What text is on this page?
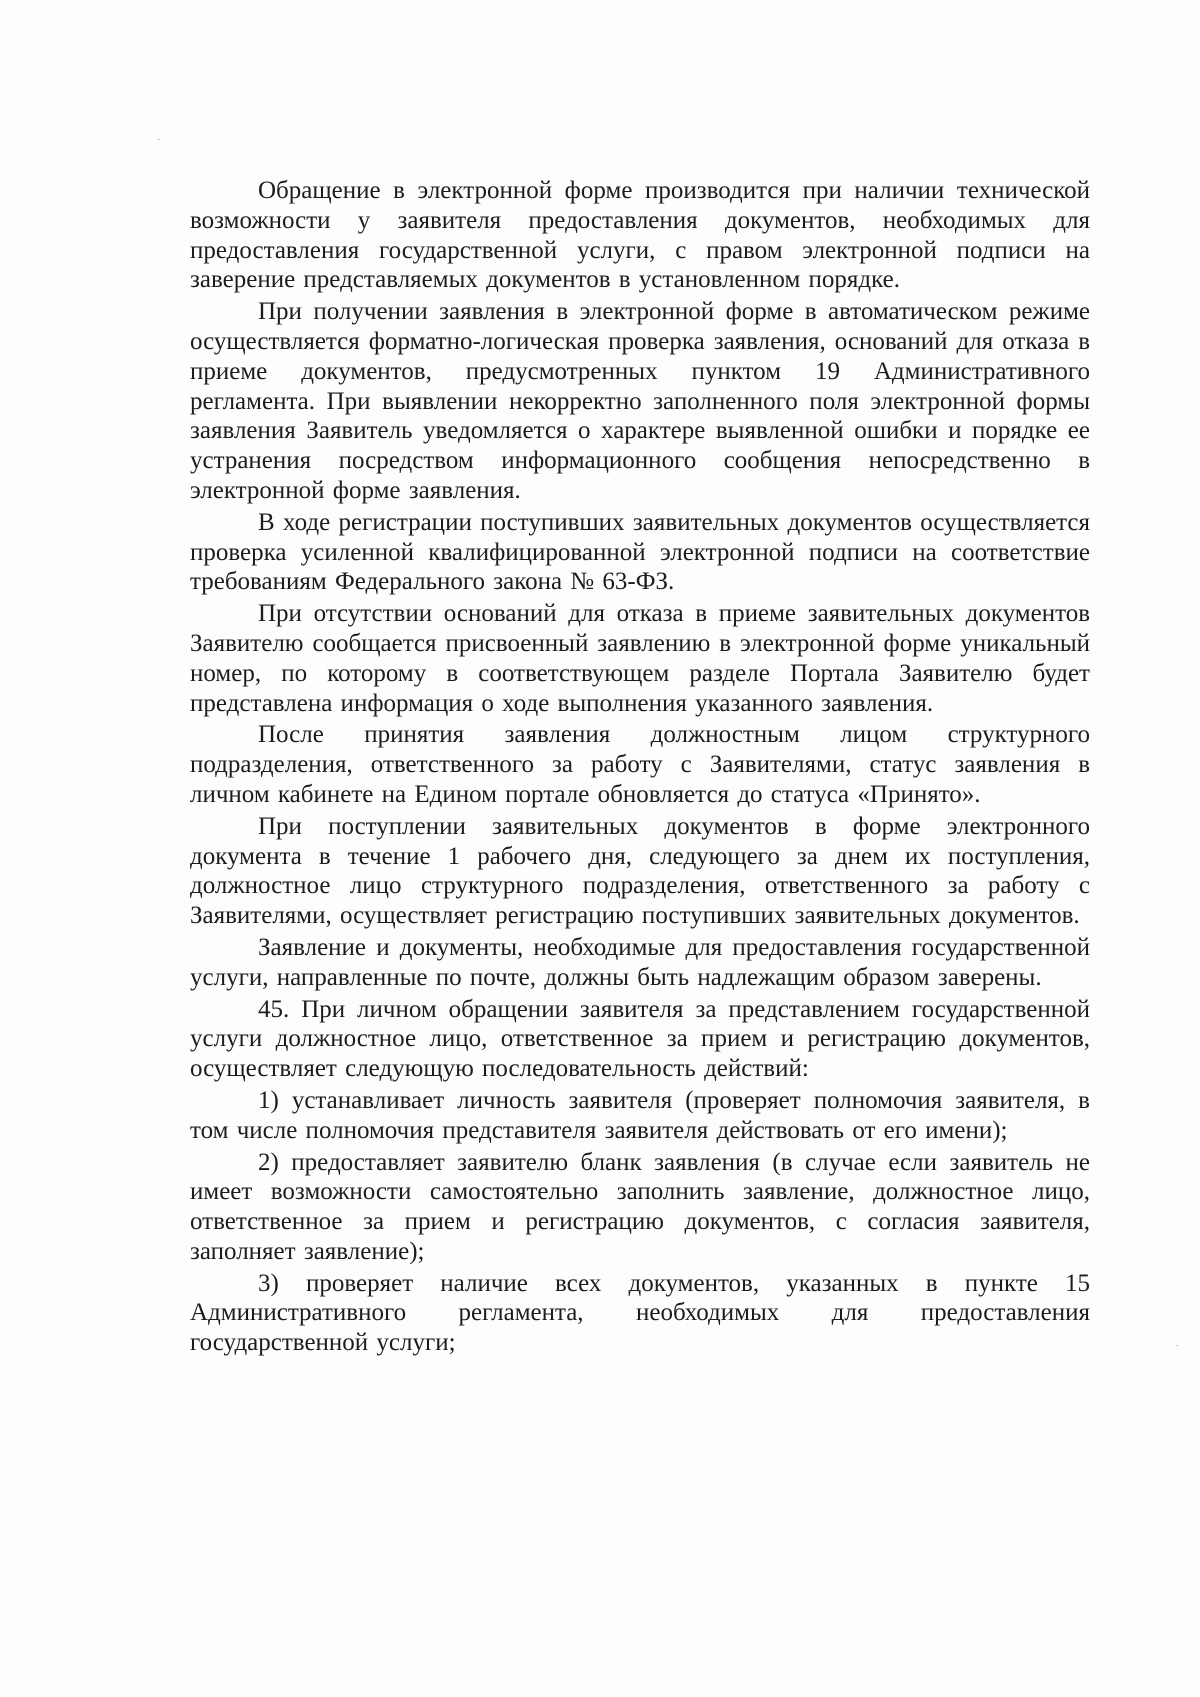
Обращение в электронной форме производится при наличии технической возможности у заявителя предоставления документов, необходимых для предоставления государственной услуги, с правом электронной подписи на заверение представляемых документов в установленном порядке.

При получении заявления в электронной форме в автоматическом режиме осуществляется форматно-логическая проверка заявления, оснований для отказа в приеме документов, предусмотренных пунктом 19 Административного регламента. При выявлении некорректно заполненного поля электронной формы заявления Заявитель уведомляется о характере выявленной ошибки и порядке ее устранения посредством информационного сообщения непосредственно в электронной форме заявления.

В ходе регистрации поступивших заявительных документов осуществляется проверка усиленной квалифицированной электронной подписи на соответствие требованиям Федерального закона № 63-ФЗ.

При отсутствии оснований для отказа в приеме заявительных документов Заявителю сообщается присвоенный заявлению в электронной форме уникальный номер, по которому в соответствующем разделе Портала Заявителю будет представлена информация о ходе выполнения указанного заявления.

После принятия заявления должностным лицом структурного подразделения, ответственного за работу с Заявителями, статус заявления в личном кабинете на Едином портале обновляется до статуса «Принято».

При поступлении заявительных документов в форме электронного документа в течение 1 рабочего дня, следующего за днем их поступления, должностное лицо структурного подразделения, ответственного за работу с Заявителями, осуществляет регистрацию поступивших заявительных документов.

Заявление и документы, необходимые для предоставления государственной услуги, направленные по почте, должны быть надлежащим образом заверены.

45. При личном обращении заявителя за представлением государственной услуги должностное лицо, ответственное за прием и регистрацию документов, осуществляет следующую последовательность действий:

1) устанавливает личность заявителя (проверяет полномочия заявителя, в том числе полномочия представителя заявителя действовать от его имени);

2) предоставляет заявителю бланк заявления (в случае если заявитель не имеет возможности самостоятельно заполнить заявление, должностное лицо, ответственное за прием и регистрацию документов, с согласия заявителя, заполняет заявление);

3) проверяет наличие всех документов, указанных в пункте 15 Административного регламента, необходимых для предоставления государственной услуги;
